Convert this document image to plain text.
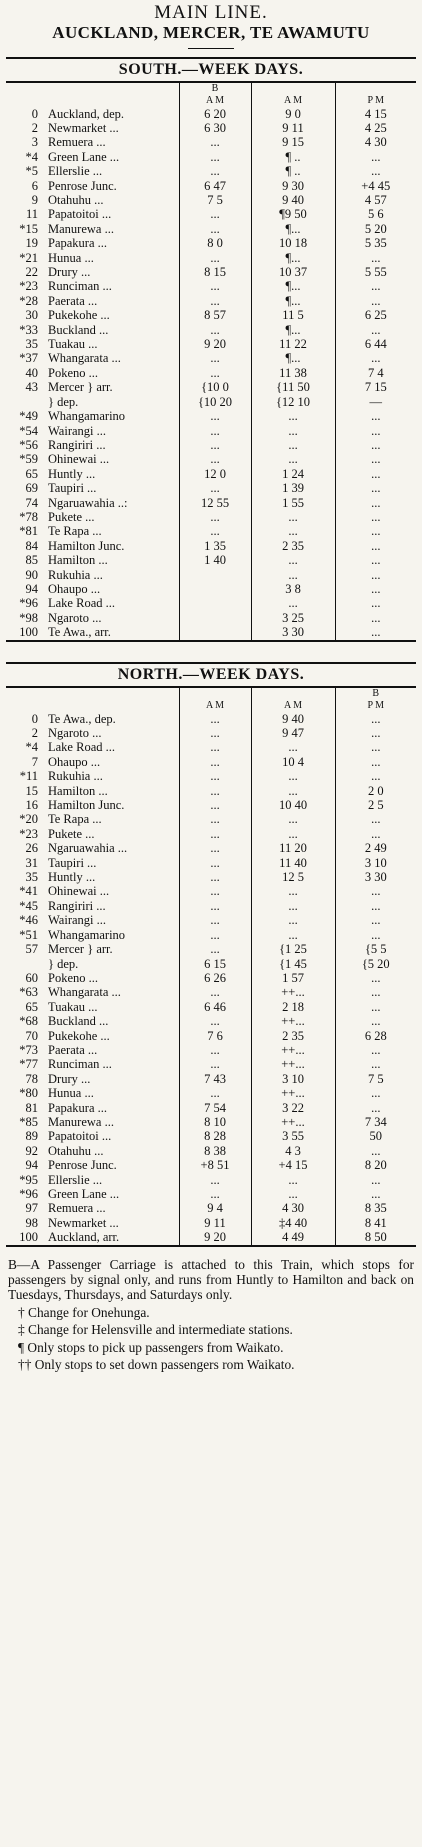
MAIN LINE.
AUCKLAND, MERCER, TE AWAMUTU
SOUTH.—WEEK DAYS.
		B		
		A M	A M	P M
0	Auckland, dep.	6 20	9 0	4 15
2	Newmarket ...	6 30	9 11	4 25
3	Remuera ...	...	9 15	4 30
*4	Green Lane ...	...	¶ ..	...
*5	Ellerslie ...	...	¶ ..	...
6	Penrose Junc.	6 47	9 30	+4 45
9	Otahuhu ...	7 5	9 40	4 57
11	Papatoitoi ...	...	¶9 50	5 6
*15	Manurewa ...	...	¶...	5 20
19	Papakura ...	8 0	10 18	5 35
*21	Hunua ...	...	¶...	...
22	Drury ...	8 15	10 37	5 55
*23	Runciman ...	...	¶...	...
*28	Paerata ...	...	¶...	...
30	Pukekohe ...	8 57	11 5	6 25
*33	Buckland ...	...	¶...	...
35	Tuakau ...	9 20	11 22	6 44
*37	Whangarata ...	...	¶...	...
40	Pokeno ...	...	11 38	7 4
43	Mercer } arr.	{10 0	{11 50	7 15
	} dep.	{10 20	{12 10	—
*49	Whangamarino	...	...	...
*54	Wairangi ...	...	...	...
*56	Rangiriri ...	...	...	...
*59	Ohinewai ...	...	...	...
65	Huntly ...	12 0	1 24	...
69	Taupiri ...	...	1 39	...
74	Ngaruawahia ..:	12 55	1 55	...
*78	Pukete ...	...	...	...
*81	Te Rapa ...	...	...	...
84	Hamilton Junc.	1 35	2 35	...
85	Hamilton ...	1 40	...	...
90	Rukuhia ...		...	...
94	Ohaupo ...		3 8	...
*96	Lake Road ...		...	...
*98	Ngaroto ...		3 25	...
100	Te Awa., arr.		3 30	...
NORTH.—WEEK DAYS.
				B
		A M	A M	P M
0	Te Awa., dep.	...	9 40	...
2	Ngaroto ...	...	9 47	...
*4	Lake Road ...	...	...	...
7	Ohaupo ...	...	10 4	...
*11	Rukuhia ...	...	...	...
15	Hamilton ...	...	...	2 0
16	Hamilton Junc.	...	10 40	2 5
*20	Te Rapa ...	...	...	...
*23	Pukete ...	...	...	...
26	Ngaruawahia ...	...	11 20	2 49
31	Taupiri ...	...	11 40	3 10
35	Huntly ...	...	12 5	3 30
*41	Ohinewai ...	...	...	...
*45	Rangiriri ...	...	...	...
*46	Wairangi ...	...	...	...
*51	Whangamarino	...	...	...
57	Mercer } arr.	...	{1 25	{5 5
	} dep.	6 15	{1 45	{5 20
60	Pokeno ...	6 26	1 57	...
*63	Whangarata ...	...	++...	...
65	Tuakau ...	6 46	2 18	...
*68	Buckland ...	...	++...	...
70	Pukekohe ...	7 6	2 35	6 28
*73	Paerata ...	...	++...	...
*77	Runciman ...	...	++...	...
78	Drury ...	7 43	3 10	7 5
*80	Hunua ...	...	++...	...
81	Papakura ...	7 54	3 22	...
*85	Manurewa ...	8 10	++...	7 34
89	Papatoitoi ...	8 28	3 55	50
92	Otahuhu ...	8 38	4 3	...
94	Penrose Junc.	+8 51	+4 15	8 20
*95	Ellerslie ...	...	...	...
*96	Green Lane ...	...	...	...
97	Remuera ...	9 4	4 30	8 35
98	Newmarket ...	9 11	‡4 40	8 41
100	Auckland, arr.	9 20	4 49	8 50

B—A Passenger Carriage is attached to this Train, which stops for passengers by signal only, and runs from Huntly to Hamilton and back on Tuesdays, Thursdays, and Saturdays only.

† Change for Onehunga.

‡ Change for Helensville and intermediate stations.

¶ Only stops to pick up passengers from Waikato.

†† Only stops to set down passengers rom Waikato.
